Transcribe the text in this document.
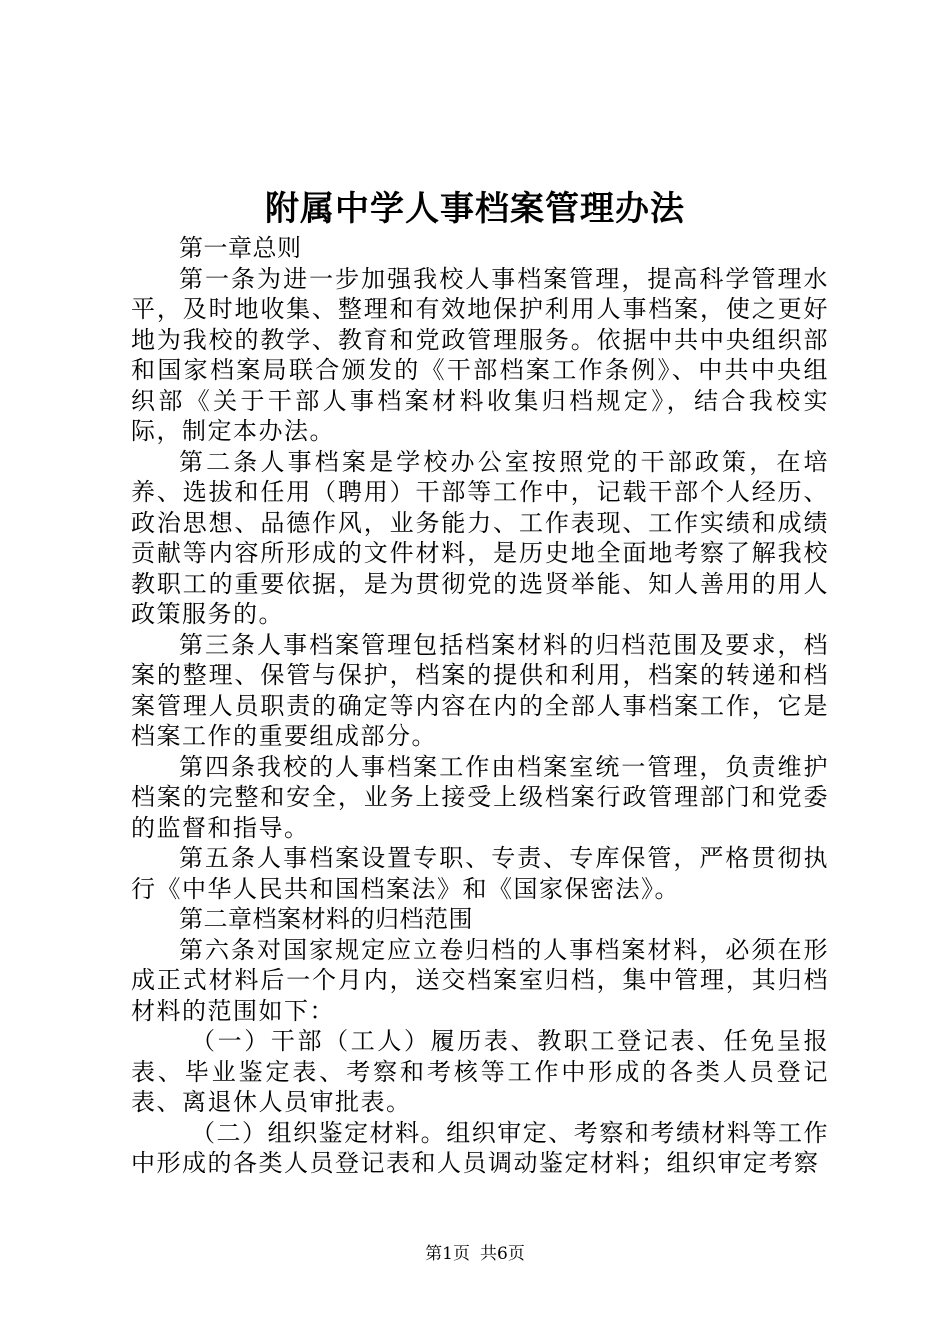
附属中学人事档案管理办法

第一章总则

第一条为进一步加强我校人事档案管理，提高科学管理水平，及时地收集、整理和有效地保护利用人事档案，使之更好地为我校的教学、教育和党政管理服务。依据中共中央组织部和国家档案局联合颁发的《干部档案工作条例》、中共中央组织部《关于干部人事档案材料收集归档规定》，结合我校实际，制定本办法。

第二条人事档案是学校办公室按照党的干部政策，在培养、选拔和任用（聘用）干部等工作中，记载干部个人经历、政治思想、品德作风，业务能力、工作表现、工作实绩和成绩贡献等内容所形成的文件材料，是历史地全面地考察了解我校教职工的重要依据，是为贯彻党的选贤举能、知人善用的用人政策服务的。

第三条人事档案管理包括档案材料的归档范围及要求，档案的整理、保管与保护，档案的提供和利用，档案的转递和档案管理人员职责的确定等内容在内的全部人事档案工作，它是档案工作的重要组成部分。

第四条我校的人事档案工作由档案室统一管理，负责维护档案的完整和安全，业务上接受上级档案行政管理部门和党委的监督和指导。

第五条人事档案设置专职、专责、专库保管，严格贯彻执行《中华人民共和国档案法》和《国家保密法》。

第二章档案材料的归档范围

第六条对国家规定应立卷归档的人事档案材料，必须在形成正式材料后一个月内，送交档案室归档，集中管理，其归档材料的范围如下：

（一）干部（工人）履历表、教职工登记表、任免呈报表、毕业鉴定表、考察和考核等工作中形成的各类人员登记表、离退休人员审批表。

（二）组织鉴定材料。组织审定、考察和考绩材料等工作中形成的各类人员登记表和人员调动鉴定材料；组织审定考察

第1页 共6页
